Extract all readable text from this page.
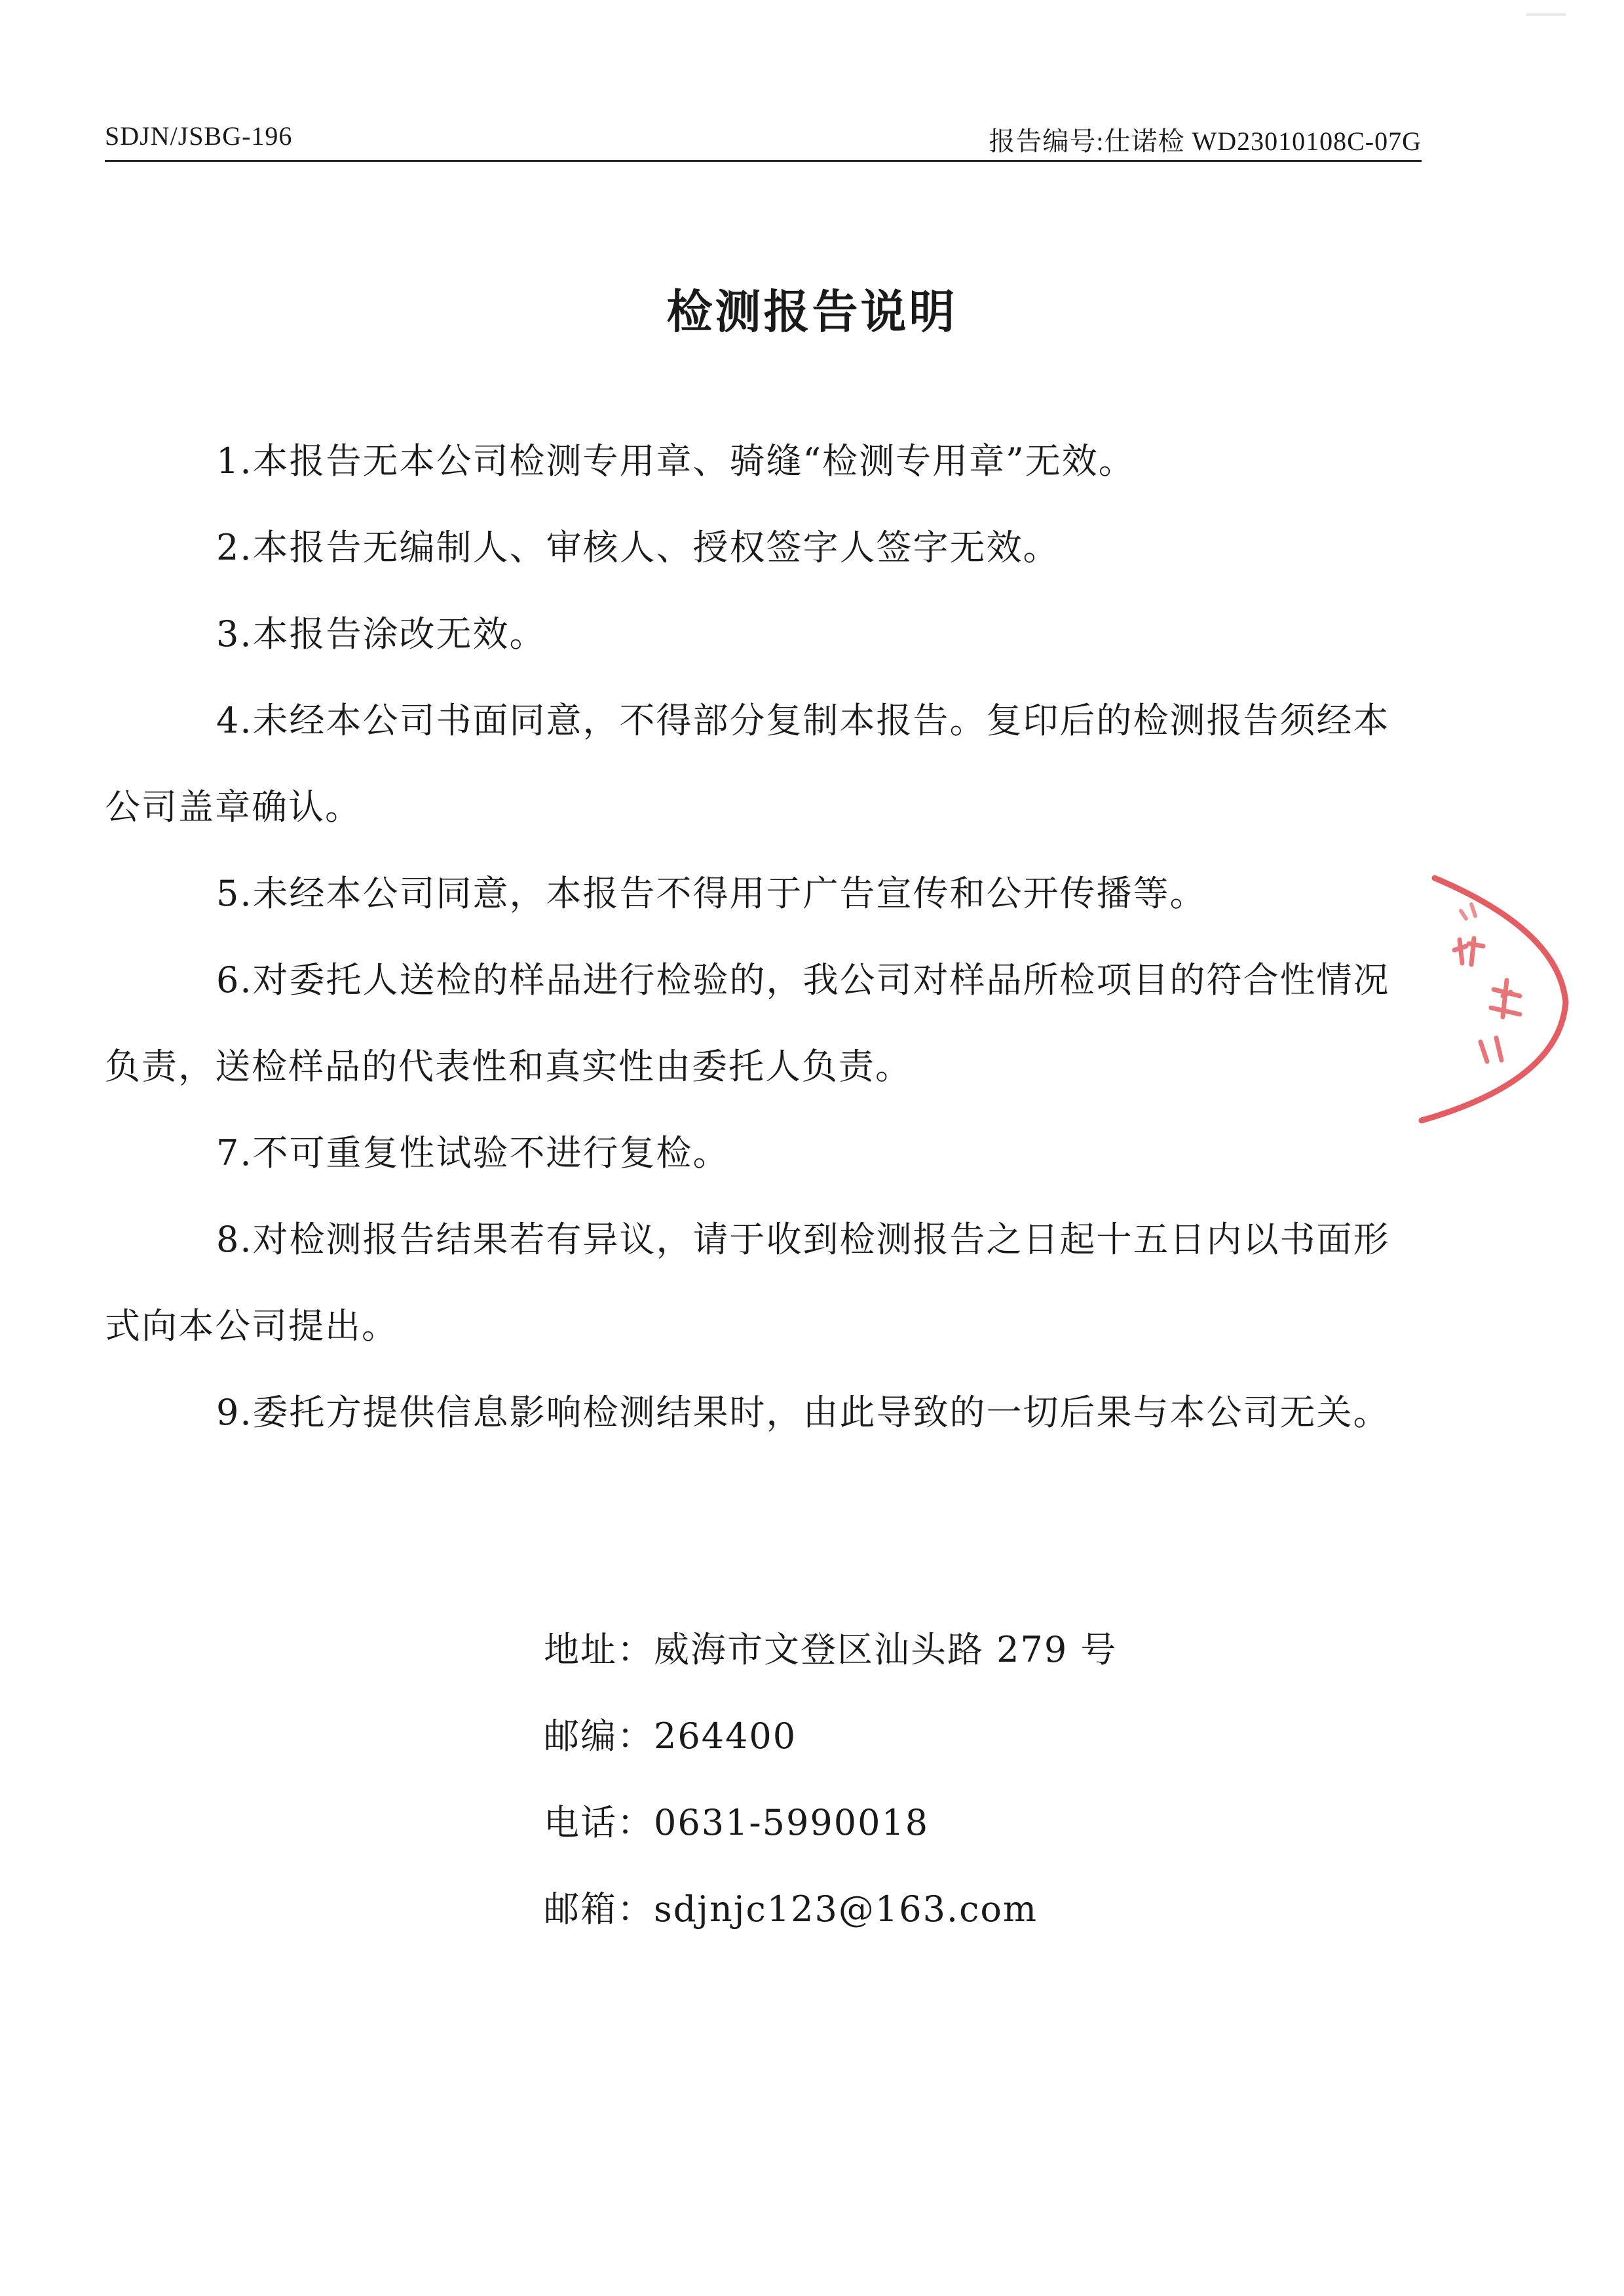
SDJN/JSBG-196	报告编号:仕诺检 WD23010108C-07G
检测报告说明

1.本报告无本公司检测专用章、骑缝“检测专用章”无效。

2.本报告无编制人、审核人、授权签字人签字无效。

3.本报告涂改无效。

4.未经本公司书面同意，不得部分复制本报告。复印后的检测报告须经本公司盖章确认。

5.未经本公司同意，本报告不得用于广告宣传和公开传播等。

6.对委托人送检的样品进行检验的，我公司对样品所检项目的符合性情况负责，送检样品的代表性和真实性由委托人负责。

7.不可重复性试验不进行复检。

8.对检测报告结果若有异议，请于收到检测报告之日起十五日内以书面形式向本公司提出。

9.委托方提供信息影响检测结果时，由此导致的一切后果与本公司无关。

地址：威海市文登区汕头路 279 号
邮编：264400
电话：0631-5990018
邮箱：sdjnjc123@163.com
